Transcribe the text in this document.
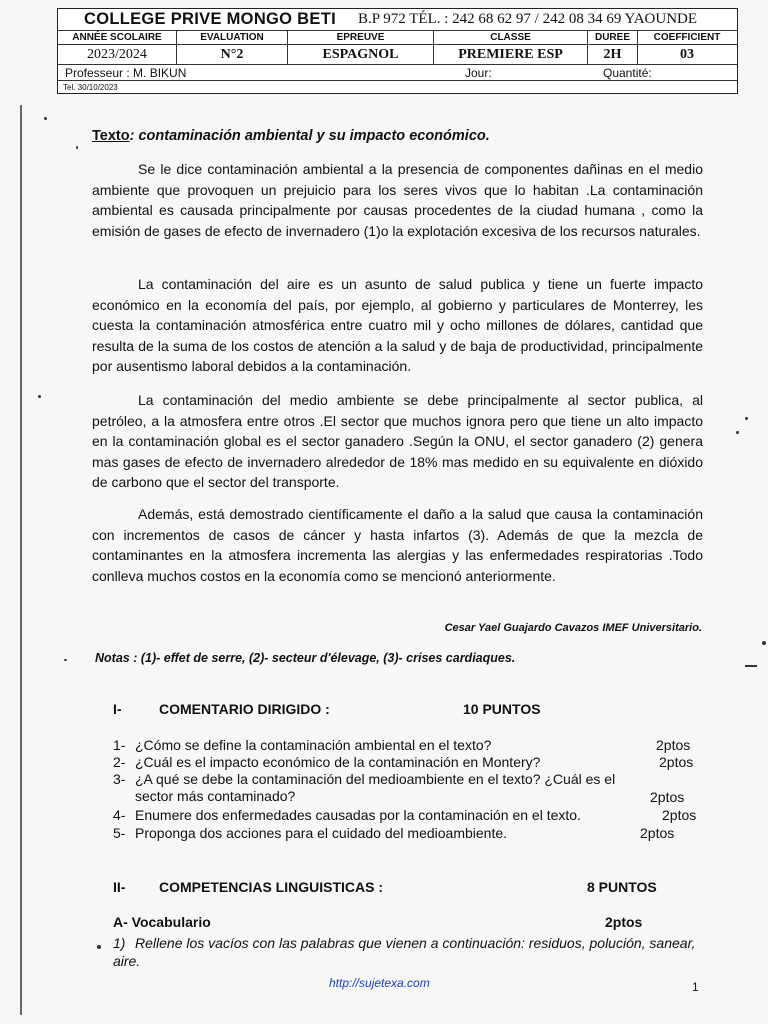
COLLEGE PRIVE MONGO BETI	B.P 972 TÉL. : 242 68 62 97 / 242 08 34 69 YAOUNDE
ANNÉE SCOLAIRE	EVALUATION	EPREUVE	CLASSE	DUREE	COEFFICIENT
2023/2024	N°2	ESPAGNOL	PREMIERE ESP	2H	03
Professeur : M. BIKUN	Jour:	Quantité:
Tel. 30/10/2023
Texto: contaminación ambiental y su impacto económico.

Se le dice contaminación ambiental a la presencia de componentes dañinas en el medio ambiente que provoquen un prejuicio para los seres vivos que lo habitan .La contaminación ambiental es causada principalmente por causas procedentes de la ciudad humana , como la emisión de gases de efecto de invernadero (1)o la explotación excesiva de los recursos naturales.

La contaminación del aire es un asunto de salud publica y tiene un fuerte impacto económico en la economía del país, por ejemplo, al gobierno y particulares de Monterrey, les cuesta la contaminación atmosférica entre cuatro mil y ocho millones de dólares, cantidad que resulta de la suma de los costos de atención a la salud y de baja de productividad, principalmente por ausentismo laboral debidos a la contaminación.

La contaminación del medio ambiente se debe principalmente al sector publica, al petróleo, a la atmosfera entre otros .El sector que muchos ignora pero que tiene un alto impacto en la contaminación global es el sector ganadero .Según la ONU, el sector ganadero (2) genera mas gases de efecto de invernadero alrededor de 18% mas medido en su equivalente en dióxido de carbono que el sector del transporte.

Además, está demostrado científicamente el daño a la salud que causa la contaminación con incrementos de casos de cáncer y hasta infartos (3). Además de que la mezcla de contaminantes en la atmosfera incrementa las alergias y las enfermedades respiratorias .Todo conlleva muchos costos en la economía como se mencionó anteriormente.

Cesar Yael Guajardo Cavazos IMEF Universitario.
Notas : (1)- effet de serre, (2)- secteur d'élevage, (3)- crises cardiaques.
I-	COMENTARIO DIRIGIDO :	10 PUNTOS
1- ¿Cómo se define la contaminación ambiental en el texto?	2ptos
2- ¿Cuál es el impacto económico de la contaminación en Montery?	2ptos
3- ¿A qué se debe la contaminación del medioambiente en el texto? ¿Cuál es el
sector más contaminado?	2ptos
4- Enumere dos enfermedades causadas por la contaminación en el texto.	2ptos
5- Proponga dos acciones para el cuidado del medioambiente.	2ptos
II- COMPETENCIAS LINGUISTICAS :	8 PUNTOS
A- Vocabulario	2ptos
1) Rellene los vacíos con las palabras que vienen a continuación: residuos, polución, sanear, aire.
http://sujetexa.com	1
